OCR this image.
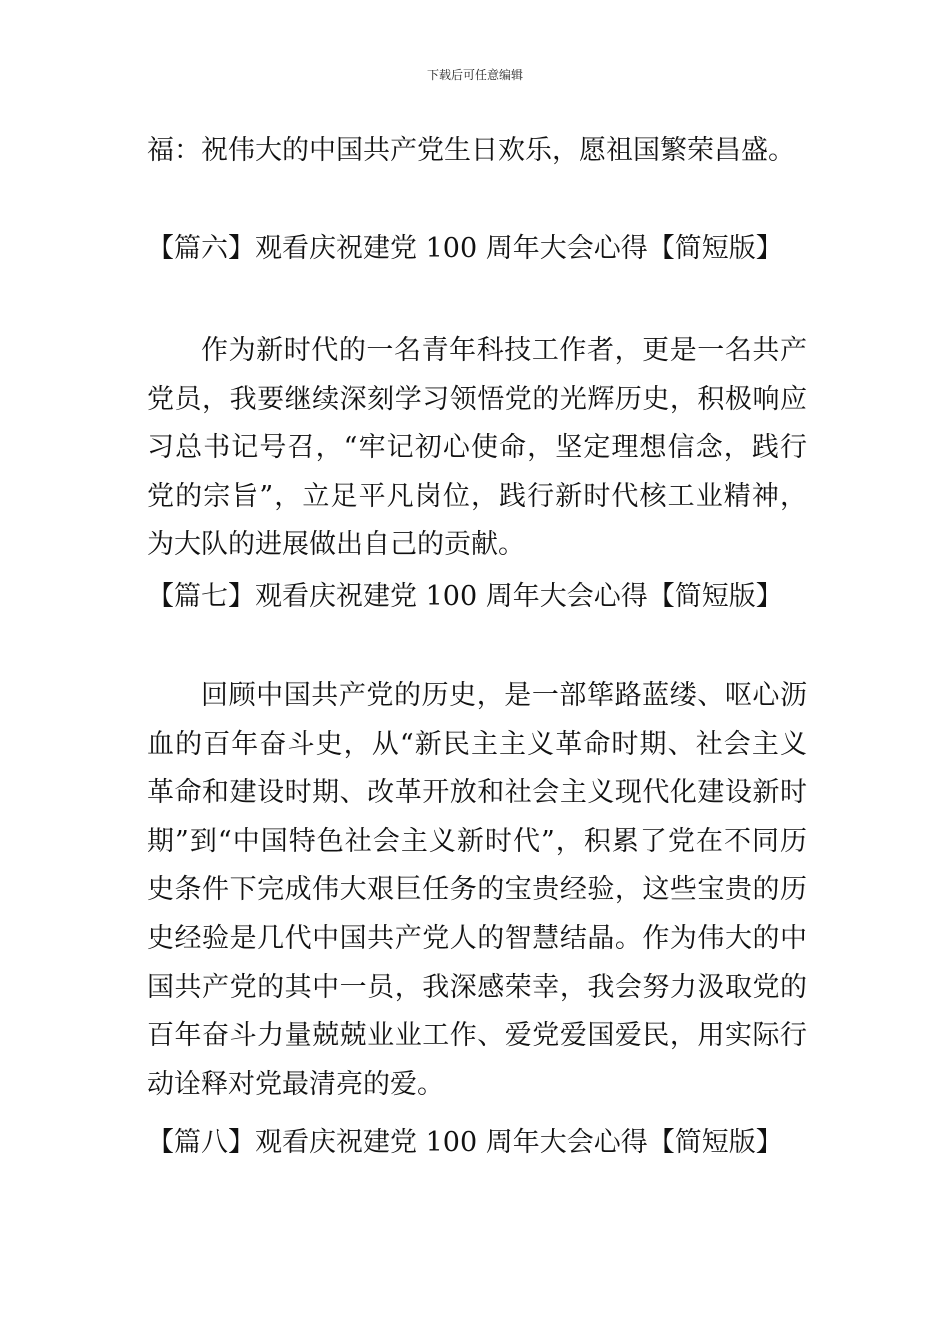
下载后可任意编辑
福：祝伟大的中国共产党生日欢乐，愿祖国繁荣昌盛。
【篇六】观看庆祝建党 100 周年大会心得【简短版】
作为新时代的一名青年科技工作者，更是一名共产党员，我要继续深刻学习领悟党的光辉历史，积极响应习总书记号召，“牢记初心使命，坚定理想信念，践行党的宗旨”，立足平凡岗位，践行新时代核工业精神，为大队的进展做出自己的贡献。
【篇七】观看庆祝建党 100 周年大会心得【简短版】
回顾中国共产党的历史，是一部筚路蓝缕、呕心沥血的百年奋斗史，从“新民主主义革命时期、社会主义革命和建设时期、改革开放和社会主义现代化建设新时期”到“中国特色社会主义新时代”，积累了党在不同历史条件下完成伟大艰巨任务的宝贵经验，这些宝贵的历史经验是几代中国共产党人的智慧结晶。作为伟大的中国共产党的其中一员，我深感荣幸，我会努力汲取党的百年奋斗力量兢兢业业工作、爱党爱国爱民，用实际行动诠释对党最清亮的爱。
【篇八】观看庆祝建党 100 周年大会心得【简短版】
